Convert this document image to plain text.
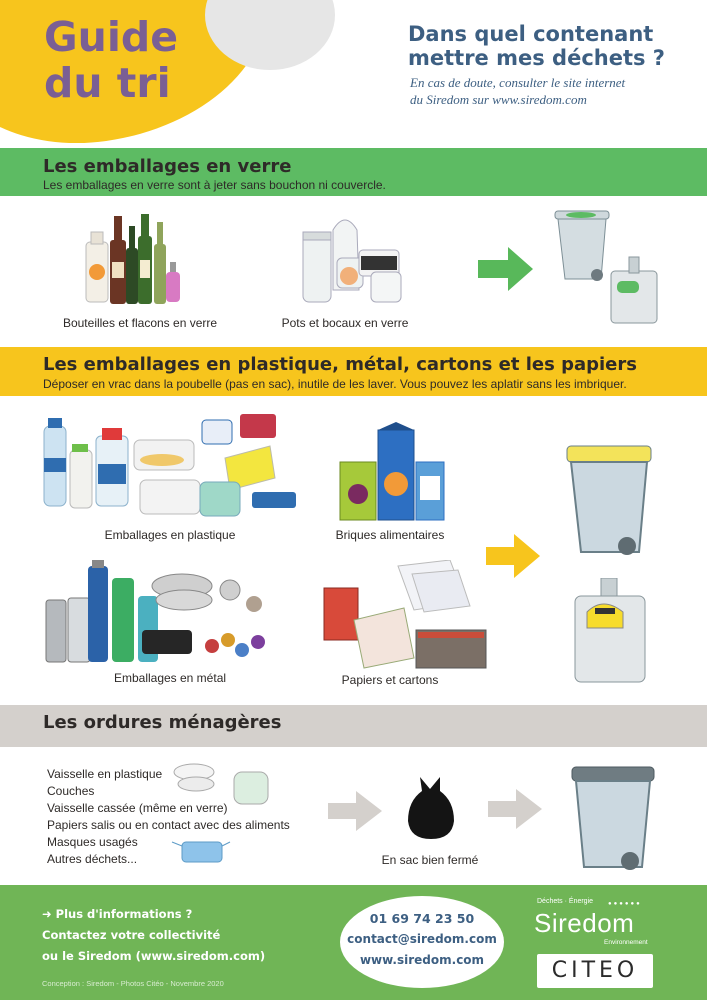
Guide
du tri
Dans quel contenant
mettre mes déchets ?
En cas de doute, consulter le site internet
du Siredom sur www.siredom.com
Les emballages en verre
Les emballages en verre sont à jeter sans bouchon ni couvercle.
Bouteilles et flacons en verre	Pots et bocaux en verre
Les emballages en plastique, métal, cartons et les papiers
Déposer en vrac dans la poubelle (pas en sac), inutile de les laver. Vous pouvez les aplatir sans les imbriquer.
Emballages en plastique	Briques alimentaires
Emballages en métal	Papiers et cartons
Les ordures ménagères
Vaisselle en plastique
Couches
Vaisselle cassée (même en verre)
Papiers salis ou en contact avec des aliments
Masques usagés
Autres déchets...	En sac bien fermé
➜ Plus d'informations ?
Contactez votre collectivité
ou le Siredom (www.siredom.com)
01 69 74 23 50
contact@siredom.com
www.siredom.com
Conception : Siredom - Photos Citéo - Novembre 2020
Déchets · Énergie ●●●●●●
Siredom
Environnement
CITEO
